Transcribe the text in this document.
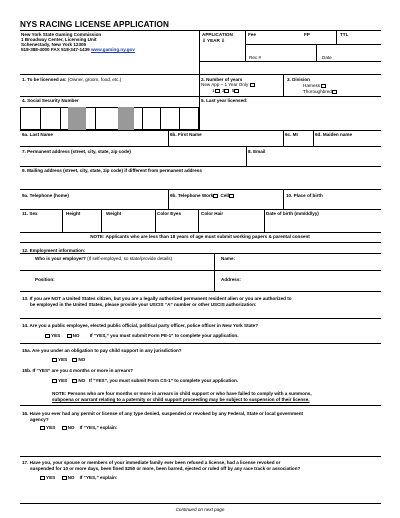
NYS RACING LICENSE APPLICATION
New York State Gaming Commission
1 Broadway Center, Licensing Unit
Schenectady, New York 12305
518-388-4000 FAX 518-347-1439 www.gaming.ny.gov
APPLICATION
⇩ YEAR ⇩
Fee	FP	TTL
Rec #	Date
1. To be licensed as: (Owner, groom, food, etc.)	2. Number of years
New App – 1 Year Only
1 3 5
3. Division
Harness
Thoroughbred
4. Social Security Number	5. Last year licensed:
6a. Last Name	6b. First Name	6c. MI	6d. Maiden name
7. Permanent address (street, city, state, zip code)	8. Email
9. Mailing address (street, city, state, zip code) if different from permanent address
9a. Telephone (home)	9b. Telephone Work Cell	10. Place of birth
11. Sex	Height	Weight	Color Eyes	Color Hair	Date of birth (mm/dd/yy)
NOTE: Applicants who are less than 18 years of age must submit working papers & parental consent
12. Employment information:
Who is your employer? (If self-employed, so state/provide details)	Name:
Position:	Address:
13. If you are NOT a United States citizen, but you are a legally authorized permanent resident alien or you are authorized to
be employed in the United States, please provide your USCIS “A” number or other USCIS authorization:
14. Are you a public employee, elected public official, political party officer, police officer in New York State?
YES	NO If “YES,” you must submit Form PE-1” to complete your application.
15a. Are you under an obligation to pay child support in any jurisdiction?
YES NO
15b. If “YES” are you 4 months or more in arrears?
YES NO If “YES”, you must submit Form CS-1” to complete your application.
NOTE: Persons who are four months or more in arrears in child support or who have failed to comply with a summons,
subpoena or warrant relating to a paternity or child support proceeding may be subject to suspension of their license.
16. Have you ever had any permit or license of any type denied, suspended or revoked by any Federal, State or local government
agency?
YES	NO If “YES,” explain:
17. Have you, your spouse or members of your immediate family ever been refused a license, had a license revoked or
suspended for 10 or more days, been fined $250 or more, been barred, ejected or ruled off by any race track or association?
YES	NO If “YES,” explain:
Continued on next page
